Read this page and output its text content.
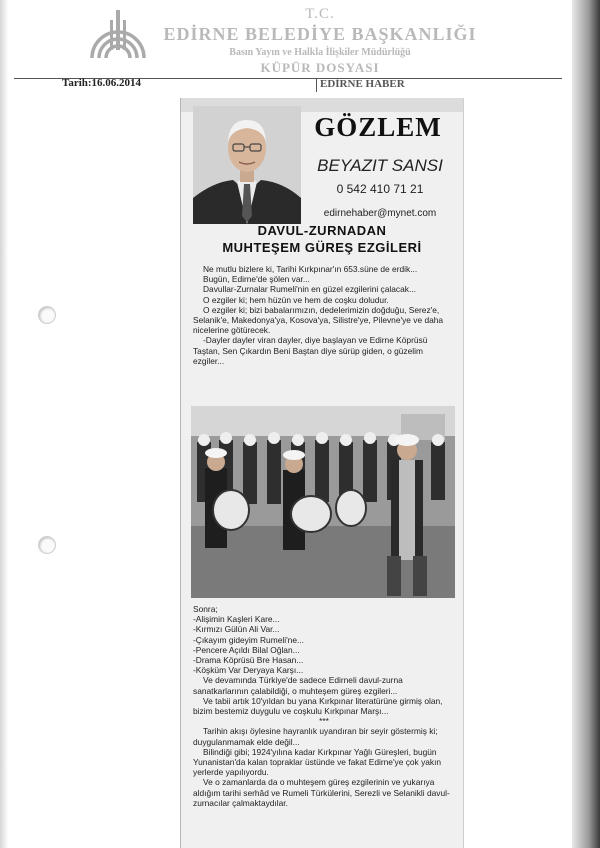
T.C.
EDİRNE BELEDİYE BAŞKANLIĞI
Basın Yayın ve Halkla İlişkiler Müdürlüğü
KÜPÜR DOSYASI
Tarih:16.06.2014	EDİRNE HABER
GÖZLEM
BEYAZIT SANSI
0 542 410 71 21
edirnehaber@mynet.com
DAVUL-ZURNADAN
MUHTEŞEM GÜREŞ EZGİLERİ

Ne mutlu bizlere ki, Tarihi Kırkpınar'ın 653.süne de erdik...

Bugün, Edirne'de şölen var...

Davullar-Zurnalar Rumeli'nin en güzel ezgilerini çalacak...

O ezgiler ki; hem hüzün ve hem de coşku doludur.

O ezgiler ki; bizi babalarımızın, dedelerimizin doğduğu, Serez'e, Selanik'e, Makedonya'ya, Kosova'ya, Silistre'ye, Pilevne'ye ve daha nicelerine götürecek.

-Dayler dayler viran dayler, diye başlayan ve Edirne Köprüsü Taştan, Sen Çıkardın Beni Baştan diye sürüp giden, o güzelim ezgiler...

Sonra;

-Alişimin Kaşleri Kare...

-Kırmızı Gülün Ali Var...

-Çıkayım gideyim Rumeli'ne...

-Pencere Açıldı Bilal Oğlan...

-Drama Köprüsü Bre Hasan...

-Köşküm Var Deryaya Karşı...

Ve devamında Türkiye'de sadece Edirneli davul-zurna sanatkarlarının çalabildiği, o muhteşem güreş ezgileri...

Ve tabii artık 10'yıldan bu yana Kırkpınar literatürüne girmiş olan, bizim bestemiz duygulu ve coşkulu Kırkpınar Marşı...

***

Tarihin akışı öylesine hayranlık uyandıran bir seyir göstermiş ki; duygulanmamak elde değil...

Bilindiği gibi; 1924'yılına kadar Kırkpınar Yağlı Güreşleri, bugün Yunanistan'da kalan topraklar üstünde ve fakat Edirne'ye çok yakın yerlerde yapılıyordu.

Ve o zamanlarda da o muhteşem güreş ezgilerinin ve yukarıya aldığım tarihi serhâd ve Rumeli Türkülerini, Serezli ve Selanikli davul-zurnacılar çalmaktaydılar.
